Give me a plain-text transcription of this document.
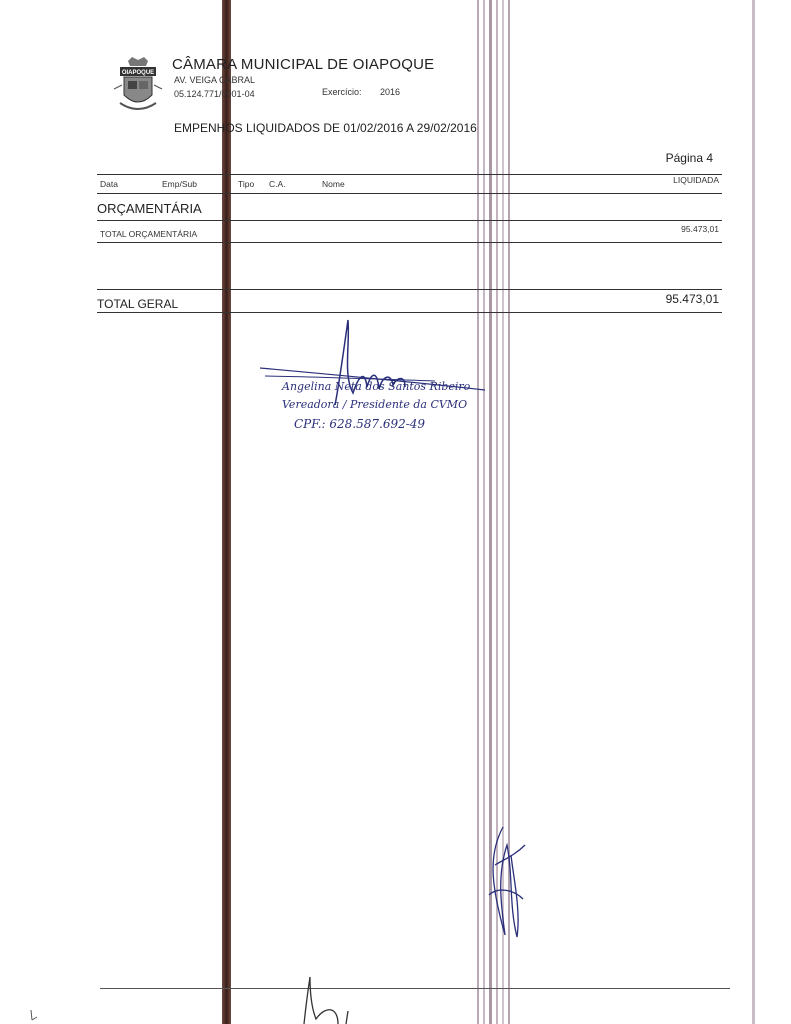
OIAPOQUE CÂMARA MUNICIPAL DE OIAPOQUE
AV. VEIGA CABRAL
05.124.771/0001-04	Exercício: 2016
EMPENHOS LIQUIDADOS DE 01/02/2016 A 29/02/2016
Página 4
Data	Emp/Sub	Tipo C.A.	Nome	LIQUIDADA
ORÇAMENTÁRIA
TOTAL ORÇAMENTÁRIA	95.473,01
TOTAL GERAL	95.473,01
Angelina Neta dos Santos Ribeiro
Vereadora / Presidente da CVMO
CPF.: 628.587.692-49
